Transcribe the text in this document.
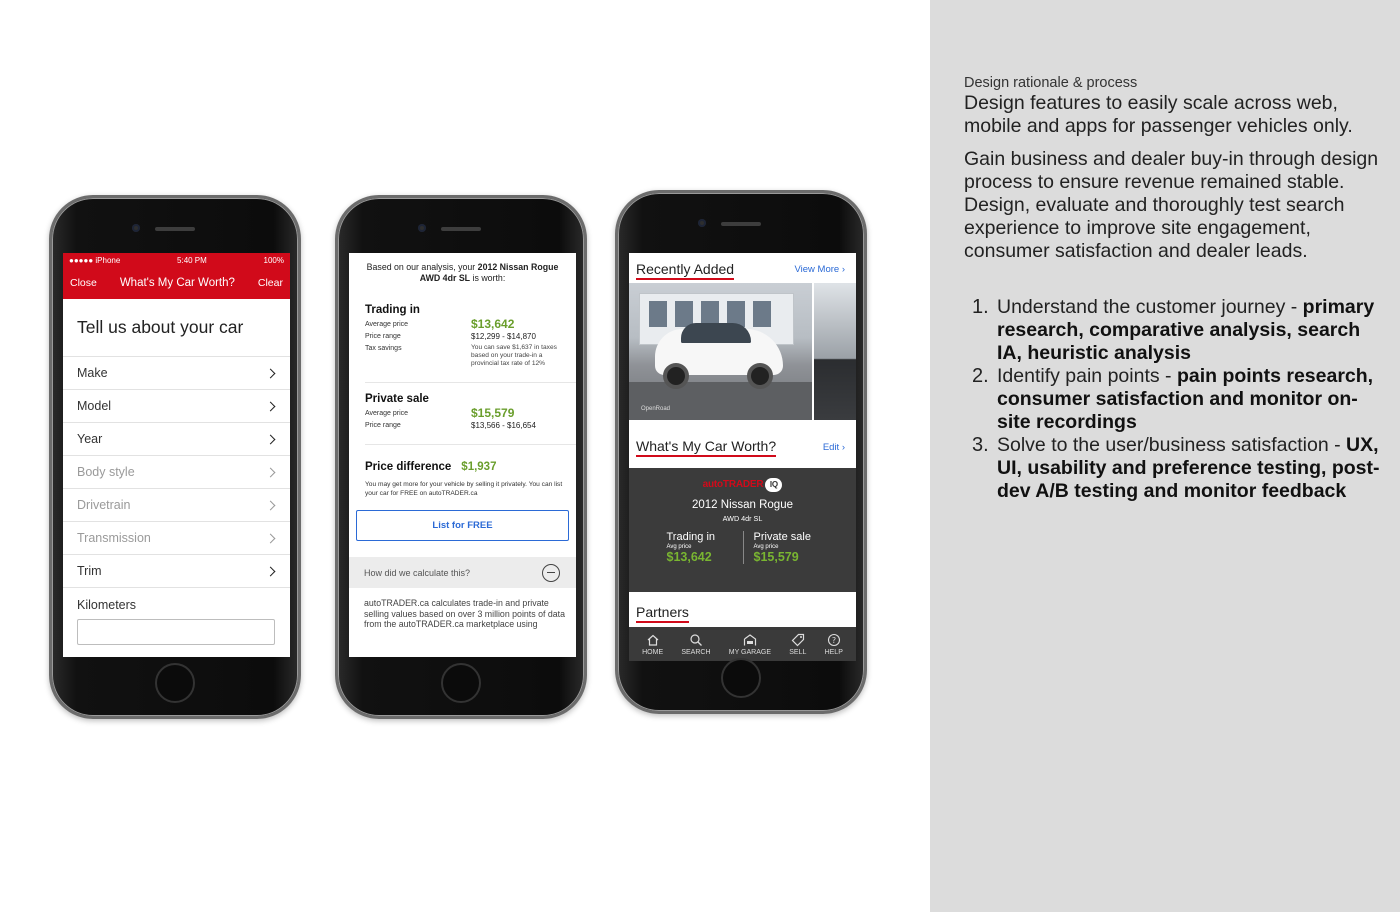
●●●●● iPhone	5:40 PM	100%
Close What's My Car Worth? Clear
Tell us about your car
Make
Model
Year
Body style
Drivetrain
Transmission
Trim
Kilometers
Based on our analysis, your 2012 Nissan Rogue AWD 4dr SL is worth:
Trading in
Average price	$13,642
Price range	$12,299 - $14,870
Tax savings	You can save $1,637 in taxes based on your trade-in a provincial tax rate of 12%
Private sale
Average price	$15,579
Price range	$13,566 - $16,654
Price difference $1,937
You may get more for your vehicle by selling it privately. You can list your car for FREE on autoTRADER.ca
List for FREE
How did we calculate this?
autoTRADER.ca calculates trade-in and private selling values based on over 3 million points of data from the autoTRADER.ca marketplace using
Recently Added	View More ›
OpenRoad
What's My Car Worth?	Edit ›
autoTRADER IQ
2012 Nissan Rogue
AWD 4dr SL
Trading in
Avg price
$13,642
Private sale
Avg price
$15,579
Partners
HOME	SEARCH	MY GARAGE	SELL
?
HELP
Design rationale & process
Design features to easily scale across web, mobile and apps for passenger vehicles only.
Gain business and dealer buy-in through design process to ensure revenue remained stable. Design, evaluate and thoroughly test search experience to improve site engagement, consumer satisfaction and dealer leads.
1. Understand the customer journey - primary research, comparative analysis, search IA, heuristic analysis
2. Identify pain points - pain points research, consumer satisfaction and monitor on-site recordings
3. Solve to the user/business satisfaction - UX, UI, usability and preference testing, post-dev A/B testing and monitor feedback
